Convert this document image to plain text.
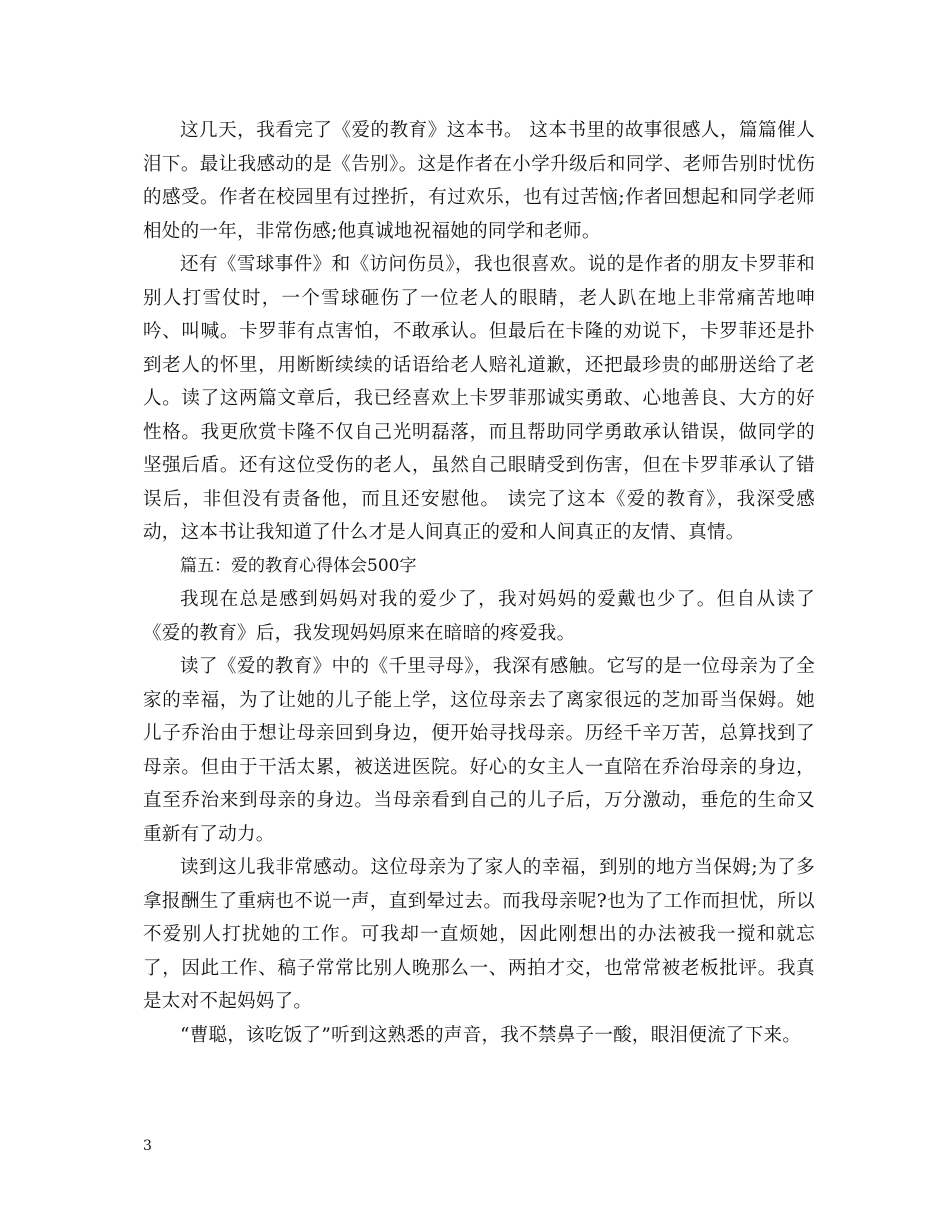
这几天，我看完了《爱的教育》这本书。 这本书里的故事很感人，篇篇催人泪下。最让我感动的是《告别》。这是作者在小学升级后和同学、老师告别时忧伤的感受。作者在校园里有过挫折，有过欢乐，也有过苦恼;作者回想起和同学老师相处的一年，非常伤感;他真诚地祝福她的同学和老师。

还有《雪球事件》和《访问伤员》，我也很喜欢。说的是作者的朋友卡罗菲和别人打雪仗时，一个雪球砸伤了一位老人的眼睛，老人趴在地上非常痛苦地呻吟、叫喊。卡罗菲有点害怕，不敢承认。但最后在卡隆的劝说下，卡罗菲还是扑到老人的怀里，用断断续续的话语给老人赔礼道歉，还把最珍贵的邮册送给了老人。读了这两篇文章后，我已经喜欢上卡罗菲那诚实勇敢、心地善良、大方的好性格。我更欣赏卡隆不仅自己光明磊落，而且帮助同学勇敢承认错误，做同学的坚强后盾。还有这位受伤的老人，虽然自己眼睛受到伤害，但在卡罗菲承认了错误后，非但没有责备他，而且还安慰他。 读完了这本《爱的教育》，我深受感动，这本书让我知道了什么才是人间真正的爱和人间真正的友情、真情。

篇五：爱的教育心得体会500字

我现在总是感到妈妈对我的爱少了，我对妈妈的爱戴也少了。但自从读了《爱的教育》后，我发现妈妈原来在暗暗的疼爱我。

读了《爱的教育》中的《千里寻母》，我深有感触。它写的是一位母亲为了全家的幸福，为了让她的儿子能上学，这位母亲去了离家很远的芝加哥当保姆。她儿子乔治由于想让母亲回到身边，便开始寻找母亲。历经千辛万苦，总算找到了母亲。但由于干活太累，被送进医院。好心的女主人一直陪在乔治母亲的身边，直至乔治来到母亲的身边。当母亲看到自己的儿子后，万分激动，垂危的生命又重新有了动力。

读到这儿我非常感动。这位母亲为了家人的幸福，到别的地方当保姆;为了多拿报酬生了重病也不说一声，直到晕过去。而我母亲呢?也为了工作而担忧，所以不爱别人打扰她的工作。可我却一直烦她，因此刚想出的办法被我一搅和就忘了，因此工作、稿子常常比别人晚那么一、两拍才交，也常常被老板批评。我真是太对不起妈妈了。

“曹聪，该吃饭了”听到这熟悉的声音，我不禁鼻子一酸，眼泪便流了下来。

3
